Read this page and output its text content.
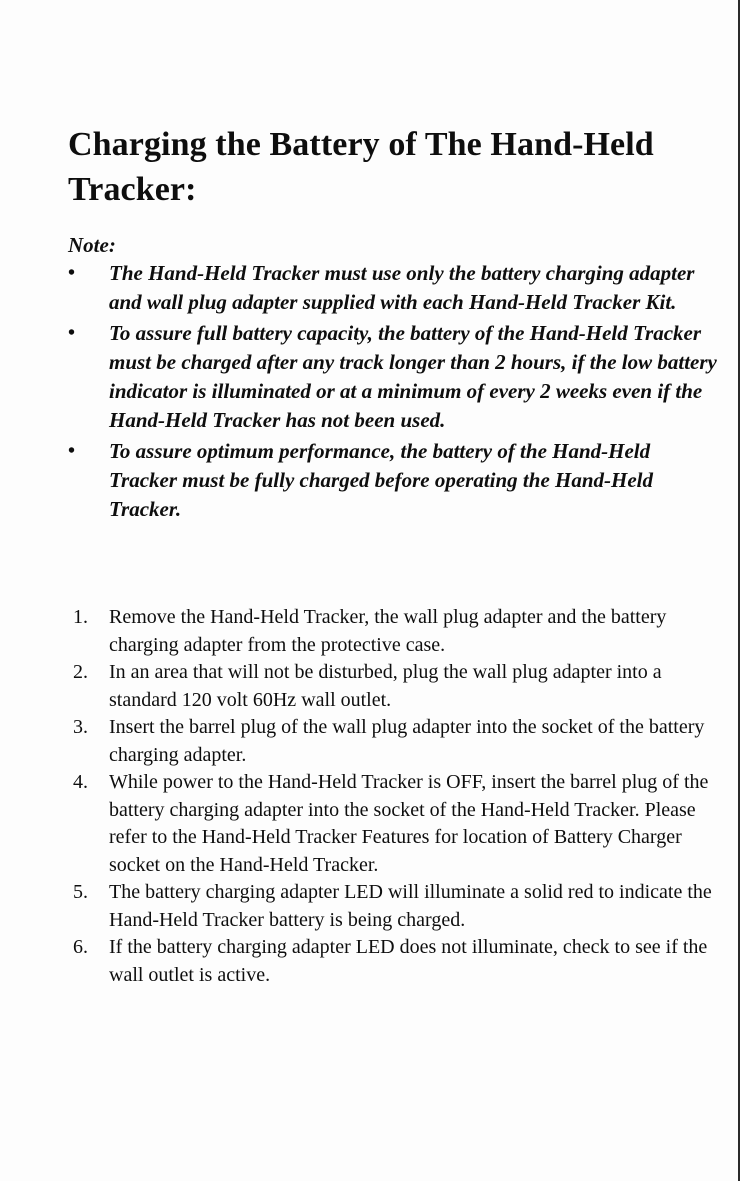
Charging the Battery of The Hand-Held Tracker:

Note:

• The Hand-Held Tracker must use only the battery charging adapter and wall plug adapter supplied with each Hand-Held Tracker Kit.
• To assure full battery capacity, the battery of the Hand-Held Tracker must be charged after any track longer than 2 hours, if the low battery indicator is illuminated or at a minimum of every 2 weeks even if the Hand-Held Tracker has not been used.
• To assure optimum performance, the battery of the Hand-Held Tracker must be fully charged before operating the Hand-Held Tracker.
1. Remove the Hand-Held Tracker, the wall plug adapter and the battery charging adapter from the protective case.
2. In an area that will not be disturbed, plug the wall plug adapter into a standard 120 volt 60Hz wall outlet.
3. Insert the barrel plug of the wall plug adapter into the socket of the battery charging adapter.
4. While power to the Hand-Held Tracker is OFF, insert the barrel plug of the battery charging adapter into the socket of the Hand-Held Tracker. Please refer to the Hand-Held Tracker Features for location of Battery Charger socket on the Hand-Held Tracker.
5. The battery charging adapter LED will illuminate a solid red to indicate the Hand-Held Tracker battery is being charged.
6. If the battery charging adapter LED does not illuminate, check to see if the wall outlet is active.
